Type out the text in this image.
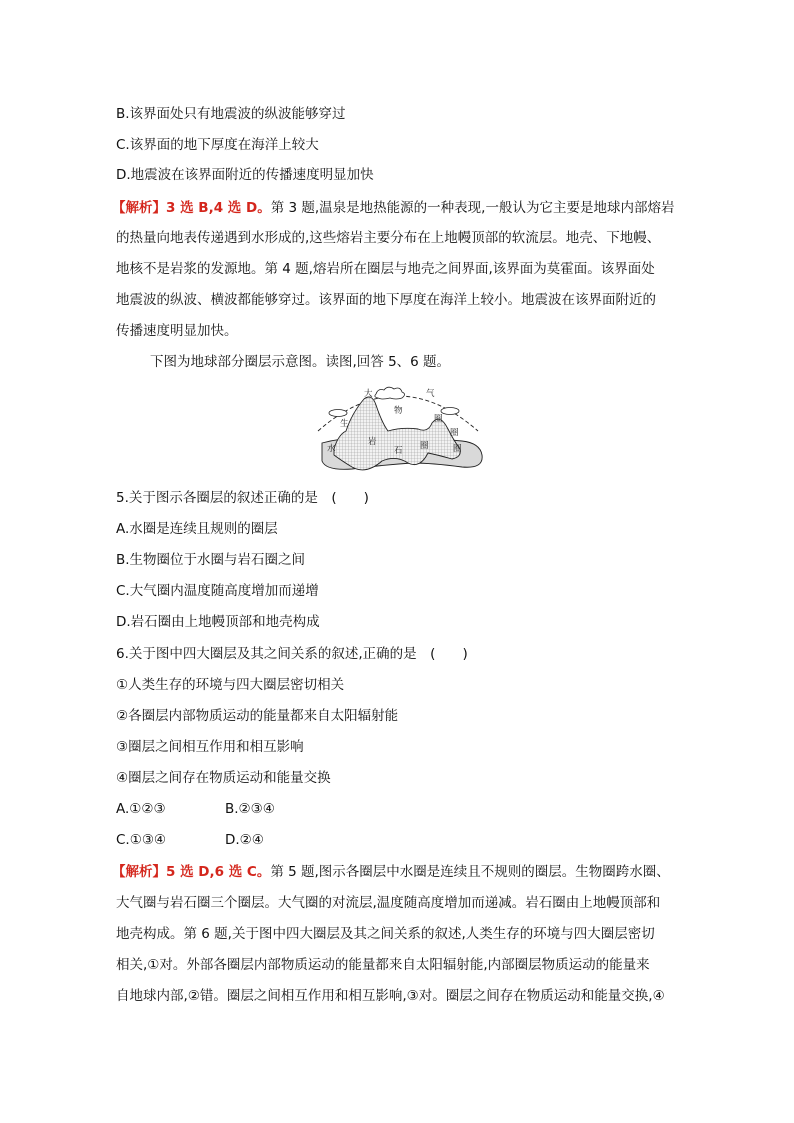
B.该界面处只有地震波的纵波能够穿过
C.该界面的地下厚度在海洋上较大
D.地震波在该界面附近的传播速度明显加快
【解析】3 选 B,4 选 D。第 3 题,温泉是地热能源的一种表现,一般认为它主要是地球内部熔岩
的热量向地表传递遇到水形成的,这些熔岩主要分布在上地幔顶部的软流层。地壳、下地幔、
地核不是岩浆的发源地。第 4 题,熔岩所在圈层与地壳之间界面,该界面为莫霍面。该界面处
地震波的纵波、横波都能够穿过。该界面的地下厚度在海洋上较小。地震波在该界面附近的
传播速度明显加快。
下图为地球部分圈层示意图。读图,回答 5、6 题。
大	气
物
生	圈
圈
水
岩
石 圈	圈
5.关于图示各圈层的叙述正确的是　(　　)
A.水圈是连续且规则的圈层
B.生物圈位于水圈与岩石圈之间
C.大气圈内温度随高度增加而递增
D.岩石圈由上地幔顶部和地壳构成
6.关于图中四大圈层及其之间关系的叙述,正确的是　(　　)
①人类生存的环境与四大圈层密切相关
②各圈层内部物质运动的能量都来自太阳辐射能
③圈层之间相互作用和相互影响
④圈层之间存在物质运动和能量交换
A.①②③	B.②③④
C.①③④	D.②④
【解析】5 选 D,6 选 C。第 5 题,图示各圈层中水圈是连续且不规则的圈层。生物圈跨水圈、
大气圈与岩石圈三个圈层。大气圈的对流层,温度随高度增加而递减。岩石圈由上地幔顶部和
地壳构成。第 6 题,关于图中四大圈层及其之间关系的叙述,人类生存的环境与四大圈层密切
相关,①对。外部各圈层内部物质运动的能量都来自太阳辐射能,内部圈层物质运动的能量来
自地球内部,②错。圈层之间相互作用和相互影响,③对。圈层之间存在物质运动和能量交换,④
